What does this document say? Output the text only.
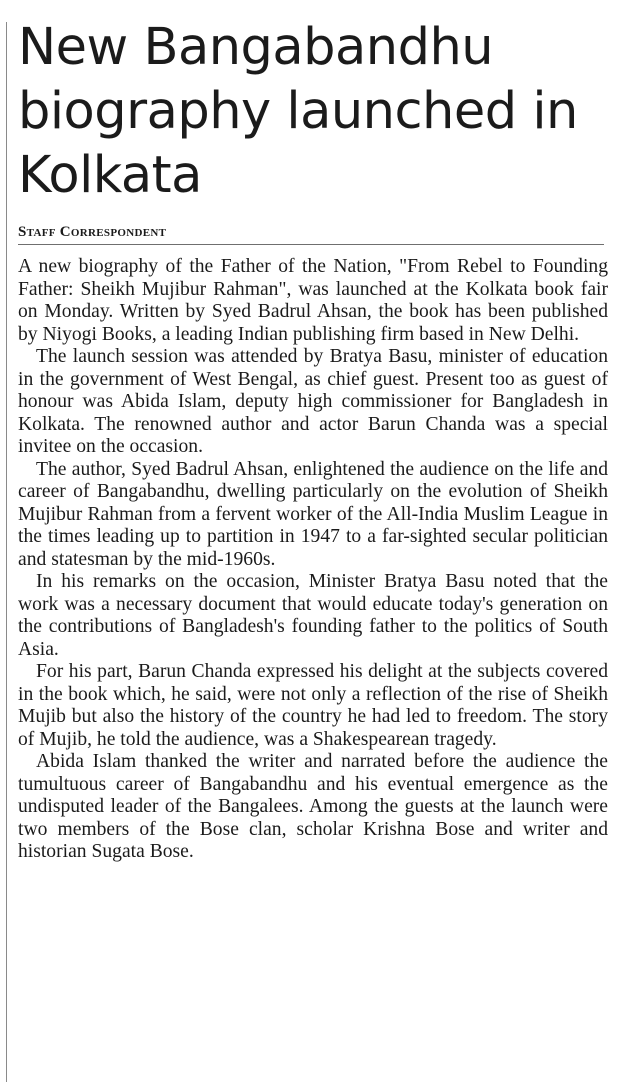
New Bangabandhu biography launched in Kolkata
Staff Correspondent

A new biography of the Father of the Nation, "From Rebel to Founding Father: Sheikh Mujibur Rahman", was launched at the Kolkata book fair on Monday. Written by Syed Badrul Ahsan, the book has been published by Niyogi Books, a leading Indian publishing firm based in New Delhi.

The launch session was attended by Bratya Basu, minister of education in the government of West Bengal, as chief guest. Present too as guest of honour was Abida Islam, deputy high commissioner for Bangladesh in Kolkata. The renowned author and actor Barun Chanda was a special invitee on the occasion.

The author, Syed Badrul Ahsan, enlightened the audience on the life and career of Bangabandhu, dwelling particularly on the evolution of Sheikh Mujibur Rahman from a fervent worker of the All-India Muslim League in the times leading up to partition in 1947 to a far-sighted secular politician and statesman by the mid-1960s.

In his remarks on the occasion, Minister Bratya Basu noted that the work was a necessary document that would educate today's generation on the contributions of Bangladesh's founding father to the politics of South Asia.

For his part, Barun Chanda expressed his delight at the subjects covered in the book which, he said, were not only a reflection of the rise of Sheikh Mujib but also the history of the country he had led to freedom. The story of Mujib, he told the audience, was a Shakespearean tragedy.

Abida Islam thanked the writer and narrated before the audience the tumultuous career of Bangabandhu and his eventual emergence as the undisputed leader of the Bangalees. Among the guests at the launch were two members of the Bose clan, scholar Krishna Bose and writer and historian Sugata Bose.
